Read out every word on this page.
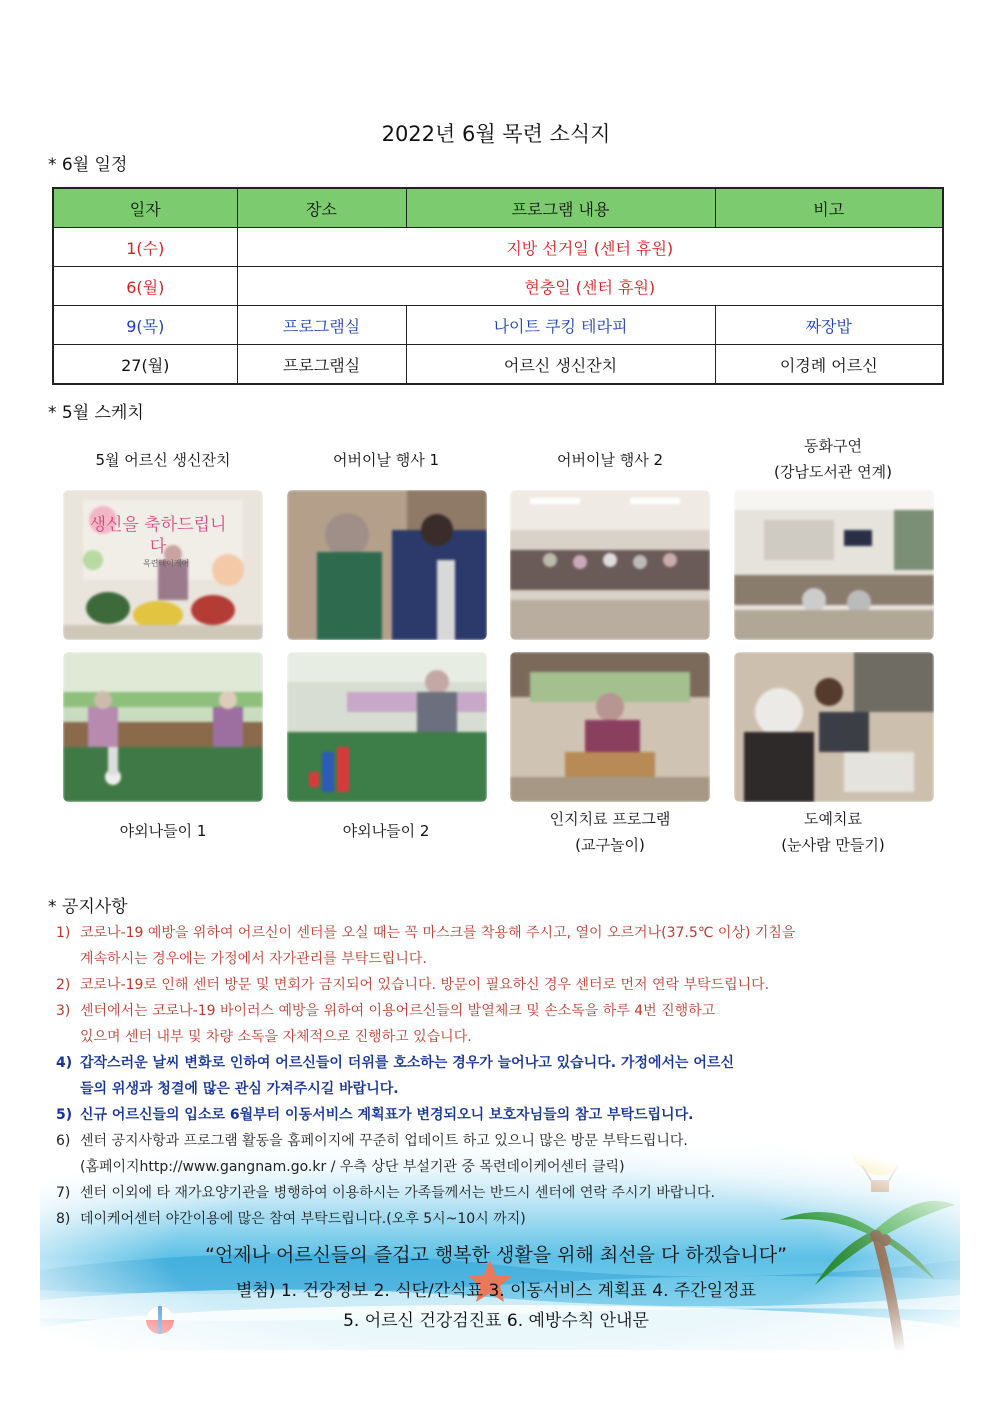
2022년 6월 목련 소식지
* 6월 일정
일자	장소	프로그램 내용	비고
1(수)	지방 선거일 (센터 휴원)		
6(월)	현충일 (센터 휴원)		
9(목)	프로그램실	나이트 쿠킹 테라피	짜장밥
27(월)	프로그램실	어르신 생신잔치	이경례 어르신
* 5월 스케치
5월 어르신 생신잔치	어버이날 행사 1	어버이날 행사 2
동화구연
(강남도서관 연계)
생신을 축하드립니다
목련데이케어
야외나들이 1	야외나들이 2
인지치료 프로그램
(교구놀이)
도예치료
(눈사람 만들기)
* 공지사항
1) 코로나-19 예방을 위하여 어르신이 센터를 오실 때는 꼭 마스크를 착용해 주시고, 열이 오르거나(37.5℃ 이상) 기침을
계속하시는 경우에는 가정에서 자가관리를 부탁드립니다.
2) 코로나-19로 인해 센터 방문 및 면회가 금지되어 있습니다. 방문이 필요하신 경우 센터로 먼저 연락 부탁드립니다.
3) 센터에서는 코로나-19 바이러스 예방을 위하여 이용어르신들의 발열체크 및 손소독을 하루 4번 진행하고
있으며 센터 내부 및 차량 소독을 자체적으로 진행하고 있습니다.
4) 갑작스러운 날씨 변화로 인하여 어르신들이 더위를 호소하는 경우가 늘어나고 있습니다. 가정에서는 어르신
들의 위생과 청결에 많은 관심 가져주시길 바랍니다.
5) 신규 어르신들의 입소로 6월부터 이동서비스 계획표가 변경되오니 보호자님들의 참고 부탁드립니다.
6) 센터 공지사항과 프로그램 활동을 홈페이지에 꾸준히 업데이트 하고 있으니 많은 방문 부탁드립니다.
(홈페이지http://www.gangnam.go.kr / 우측 상단 부설기관 중 목련데이케어센터 클릭)
7) 센터 이외에 타 재가요양기관을 병행하여 이용하시는 가족들께서는 반드시 센터에 연락 주시기 바랍니다.
8) 데이케어센터 야간이용에 많은 참여 부탁드립니다.(오후 5시~10시 까지)
“언제나 어르신들의 즐겁고 행복한 생활을 위해 최선을 다 하겠습니다”
별첨) 1. 건강정보 2. 식단/간식표 3. 이동서비스 계획표 4. 주간일정표
5. 어르신 건강검진표 6. 예방수칙 안내문
